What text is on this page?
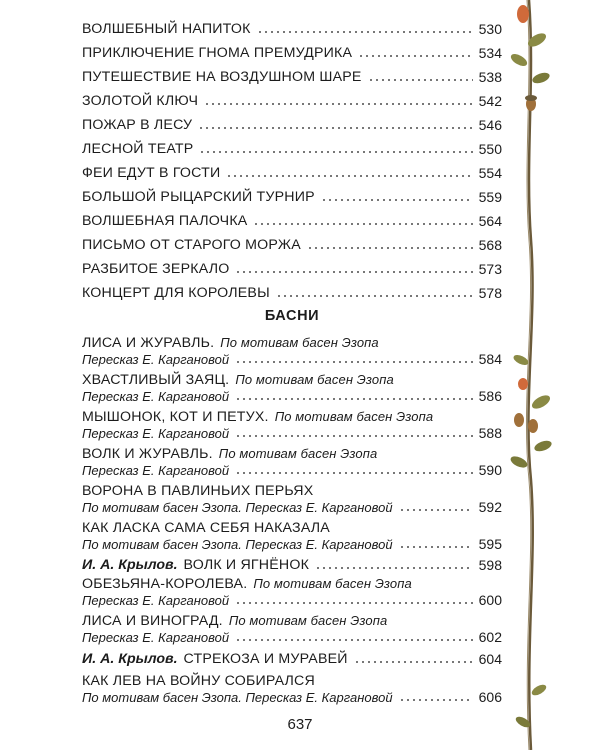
ВОЛШЕБНЫЙ НАПИТОК	530
ПРИКЛЮЧЕНИЕ ГНОМА ПРЕМУДРИКА	534
ПУТЕШЕСТВИЕ НА ВОЗДУШНОМ ШАРЕ	538
ЗОЛОТОЙ КЛЮЧ	542
ПОЖАР В ЛЕСУ	546
ЛЕСНОЙ ТЕАТР	550
ФЕИ ЕДУТ В ГОСТИ	554
БОЛЬШОЙ РЫЦАРСКИЙ ТУРНИР	559
ВОЛШЕБНАЯ ПАЛОЧКА	564
ПИСЬМО ОТ СТАРОГО МОРЖА	568
РАЗБИТОЕ ЗЕРКАЛО	573
КОНЦЕРТ ДЛЯ КОРОЛЕВЫ	578
БАСНИ
ЛИСА И ЖУРАВЛЬ. По мотивам басен Эзопа
Пересказ Е. Каргановой	584
ХВАСТЛИВЫЙ ЗАЯЦ. По мотивам басен Эзопа
Пересказ Е. Каргановой	586
МЫШОНОК, КОТ И ПЕТУХ. По мотивам басен Эзопа
Пересказ Е. Каргановой	588
ВОЛК И ЖУРАВЛЬ. По мотивам басен Эзопа
Пересказ Е. Каргановой	590
ВОРОНА В ПАВЛИНЬИХ ПЕРЬЯХ
По мотивам басен Эзопа. Пересказ Е. Каргановой	592
КАК ЛАСКА САМА СЕБЯ НАКАЗАЛА
По мотивам басен Эзопа. Пересказ Е. Каргановой	595
И. А. Крылов. ВОЛК И ЯГНЁНОК	598
ОБЕЗЬЯНА-КОРОЛЕВА. По мотивам басен Эзопа
Пересказ Е. Каргановой	600
ЛИСА И ВИНОГРАД. По мотивам басен Эзопа
Пересказ Е. Каргановой	602
И. А. Крылов. СТРЕКОЗА И МУРАВЕЙ	604
КАК ЛЕВ НА ВОЙНУ СОБИРАЛСЯ
По мотивам басен Эзопа. Пересказ Е. Каргановой	606
637
